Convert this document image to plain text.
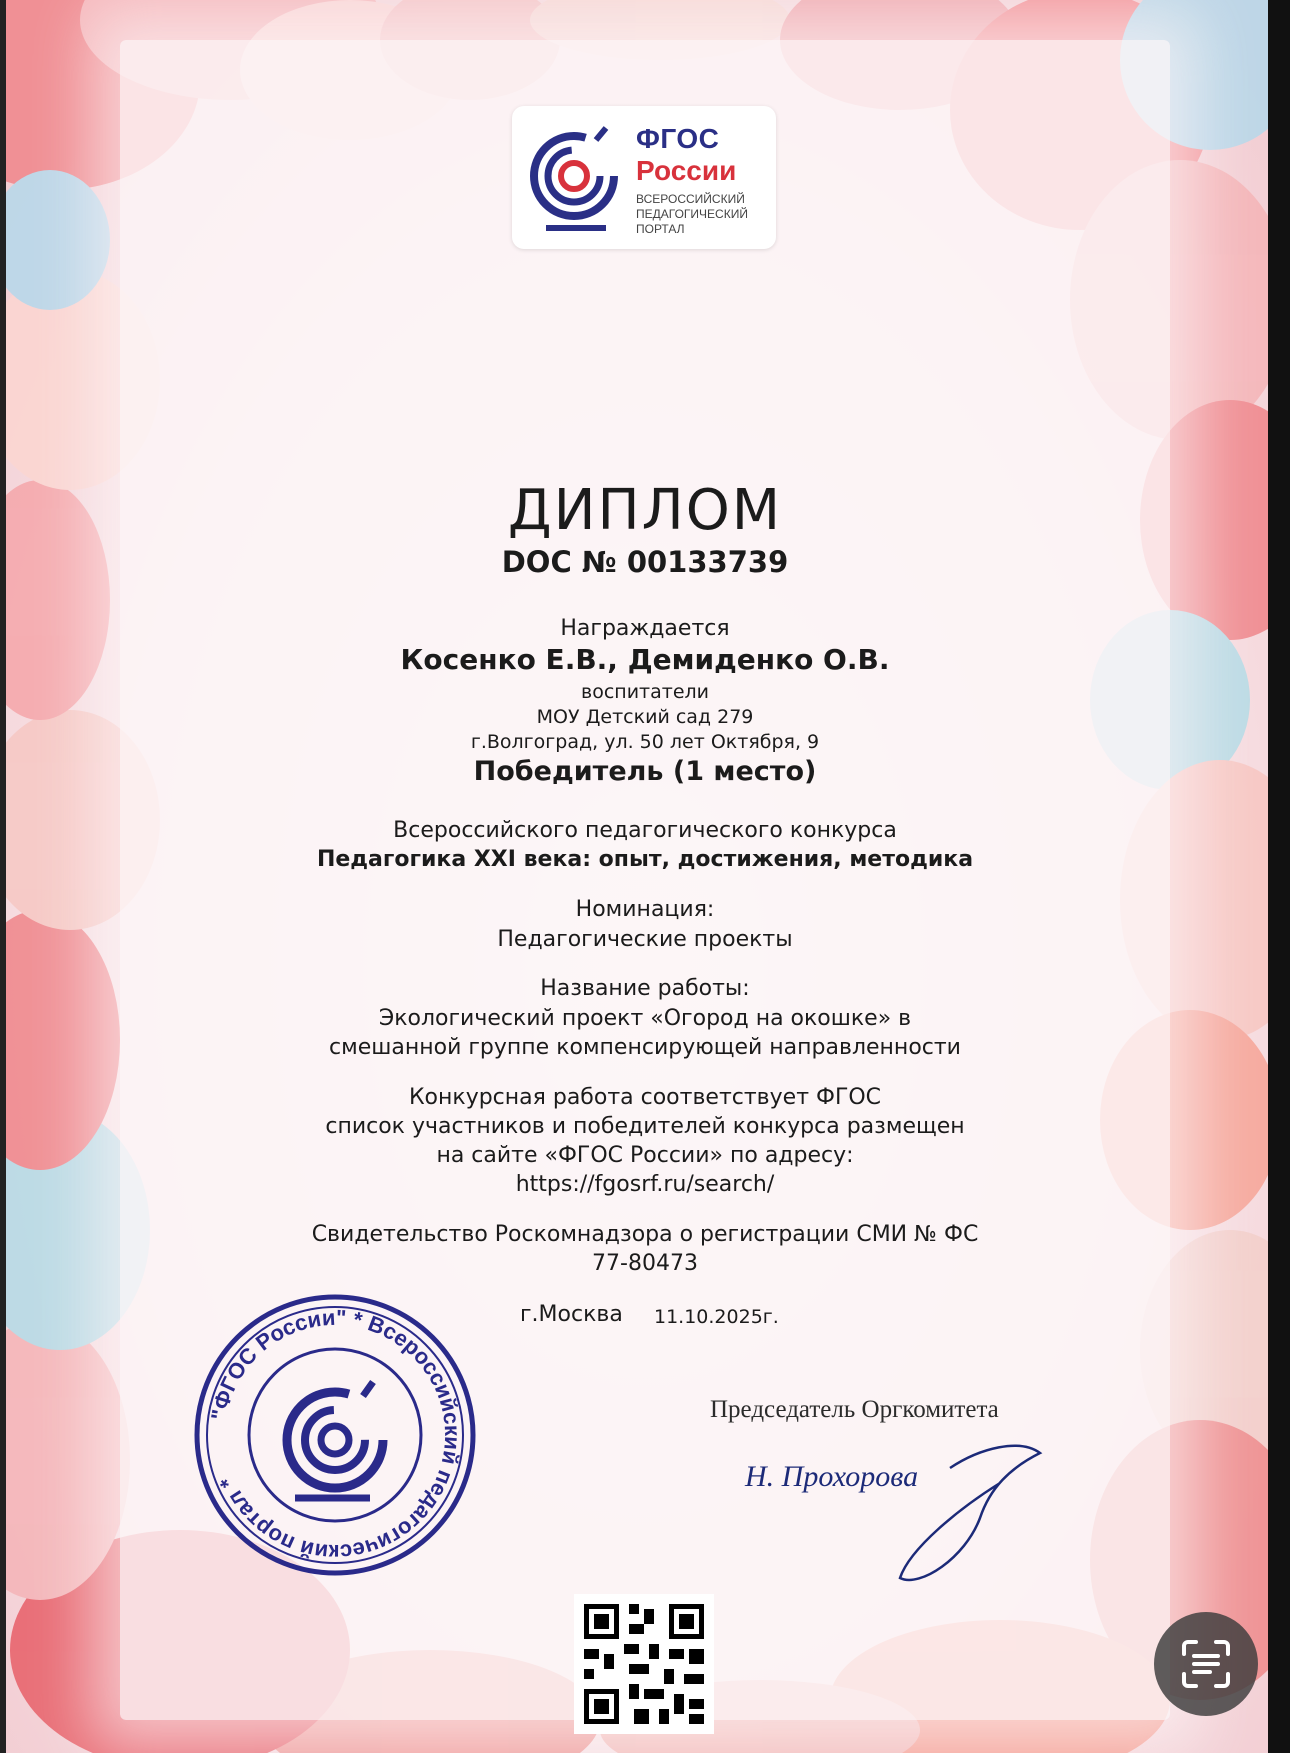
ФГОС
России
ВСЕРОССИЙСКИЙ ПЕДАГОГИЧЕСКИЙ ПОРТАЛ
ДИПЛОМ
DOC № 00133739
Награждается
Косенко Е.В., Демиденко О.В.
воспитатели
МОУ Детский сад 279
г.Волгоград, ул. 50 лет Октября, 9
Победитель (1 место)
Всероссийского педагогического конкурса
Педагогика XXI века: опыт, достижения, методика
Номинация:
Педагогические проекты
Название работы:
Экологический проект «Огород на окошке» в
смешанной группе компенсирующей направленности
Конкурсная работа соответствует ФГОС
список участников и победителей конкурса размещен
на сайте «ФГОС России» по адресу:
https://fgosrf.ru/search/
Свидетельство Роскомнадзора о регистрации СМИ № ФС
77-80473
г.Москва	11.10.2025г.
"ФГОС России" * Всероссийский педагогический портал *
Председатель Оргкомитета
Н. Прохорова
